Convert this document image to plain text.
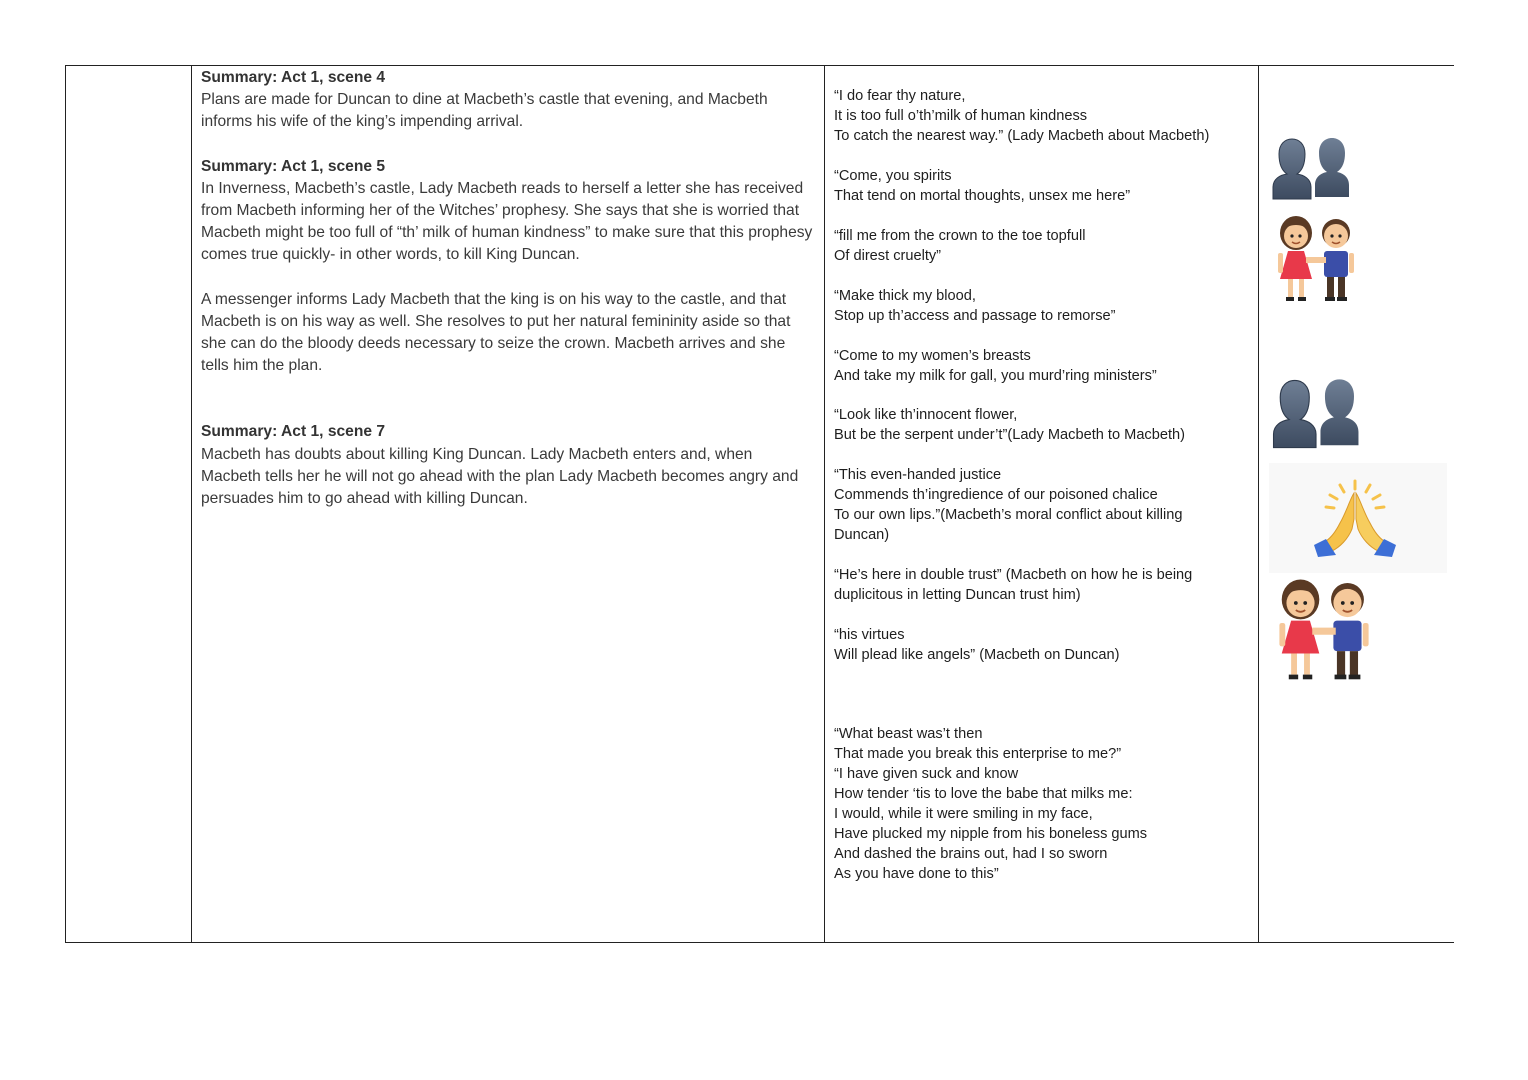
Summary: Act 1, scene 4
Plans are made for Duncan to dine at Macbeth’s castle that evening, and Macbeth informs his wife of the king’s impending arrival.
Summary: Act 1, scene 5
In Inverness, Macbeth’s castle, Lady Macbeth reads to herself a letter she has received from Macbeth informing her of the Witches’ prophesy. She says that she is worried that Macbeth might be too full of “th’ milk of human kindness” to make sure that this prophesy comes true quickly- in other words, to kill King Duncan.
A messenger informs Lady Macbeth that the king is on his way to the castle, and that Macbeth is on his way as well. She resolves to put her natural femininity aside so that she can do the bloody deeds necessary to seize the crown. Macbeth arrives and she tells him the plan.
Summary: Act 1, scene 7
Macbeth has doubts about killing King Duncan. Lady Macbeth enters and, when Macbeth tells her he will not go ahead with the plan Lady Macbeth becomes angry and persuades him to go ahead with killing Duncan.
“I do fear thy nature,
It is too full o’th’milk of human kindness
To catch the nearest way.” (Lady Macbeth about Macbeth)
“Come, you spirits
That tend on mortal thoughts, unsex me here”
“fill me from the crown to the toe topfull
Of direst cruelty”
“Make thick my blood,
Stop up th’access and passage to remorse”
“Come to my women’s breasts
And take my milk for gall, you murd’ring ministers”
“Look like th’innocent flower,
But be the serpent under’t”(Lady Macbeth to Macbeth)
“This even-handed justice
Commends th’ingredience of our poisoned chalice
To our own lips.”(Macbeth’s moral conflict about killing
Duncan)
“He’s here in double trust” (Macbeth on how he is being
duplicitous in letting Duncan trust him)
“his virtues
Will plead like angels” (Macbeth on Duncan)
“What beast was’t then
That made you break this enterprise to me?”
“I have given suck and know
How tender ‘tis to love the babe that milks me:
I would, while it were smiling in my face,
Have plucked my nipple from his boneless gums
And dashed the brains out, had I so sworn
As you have done to this”
